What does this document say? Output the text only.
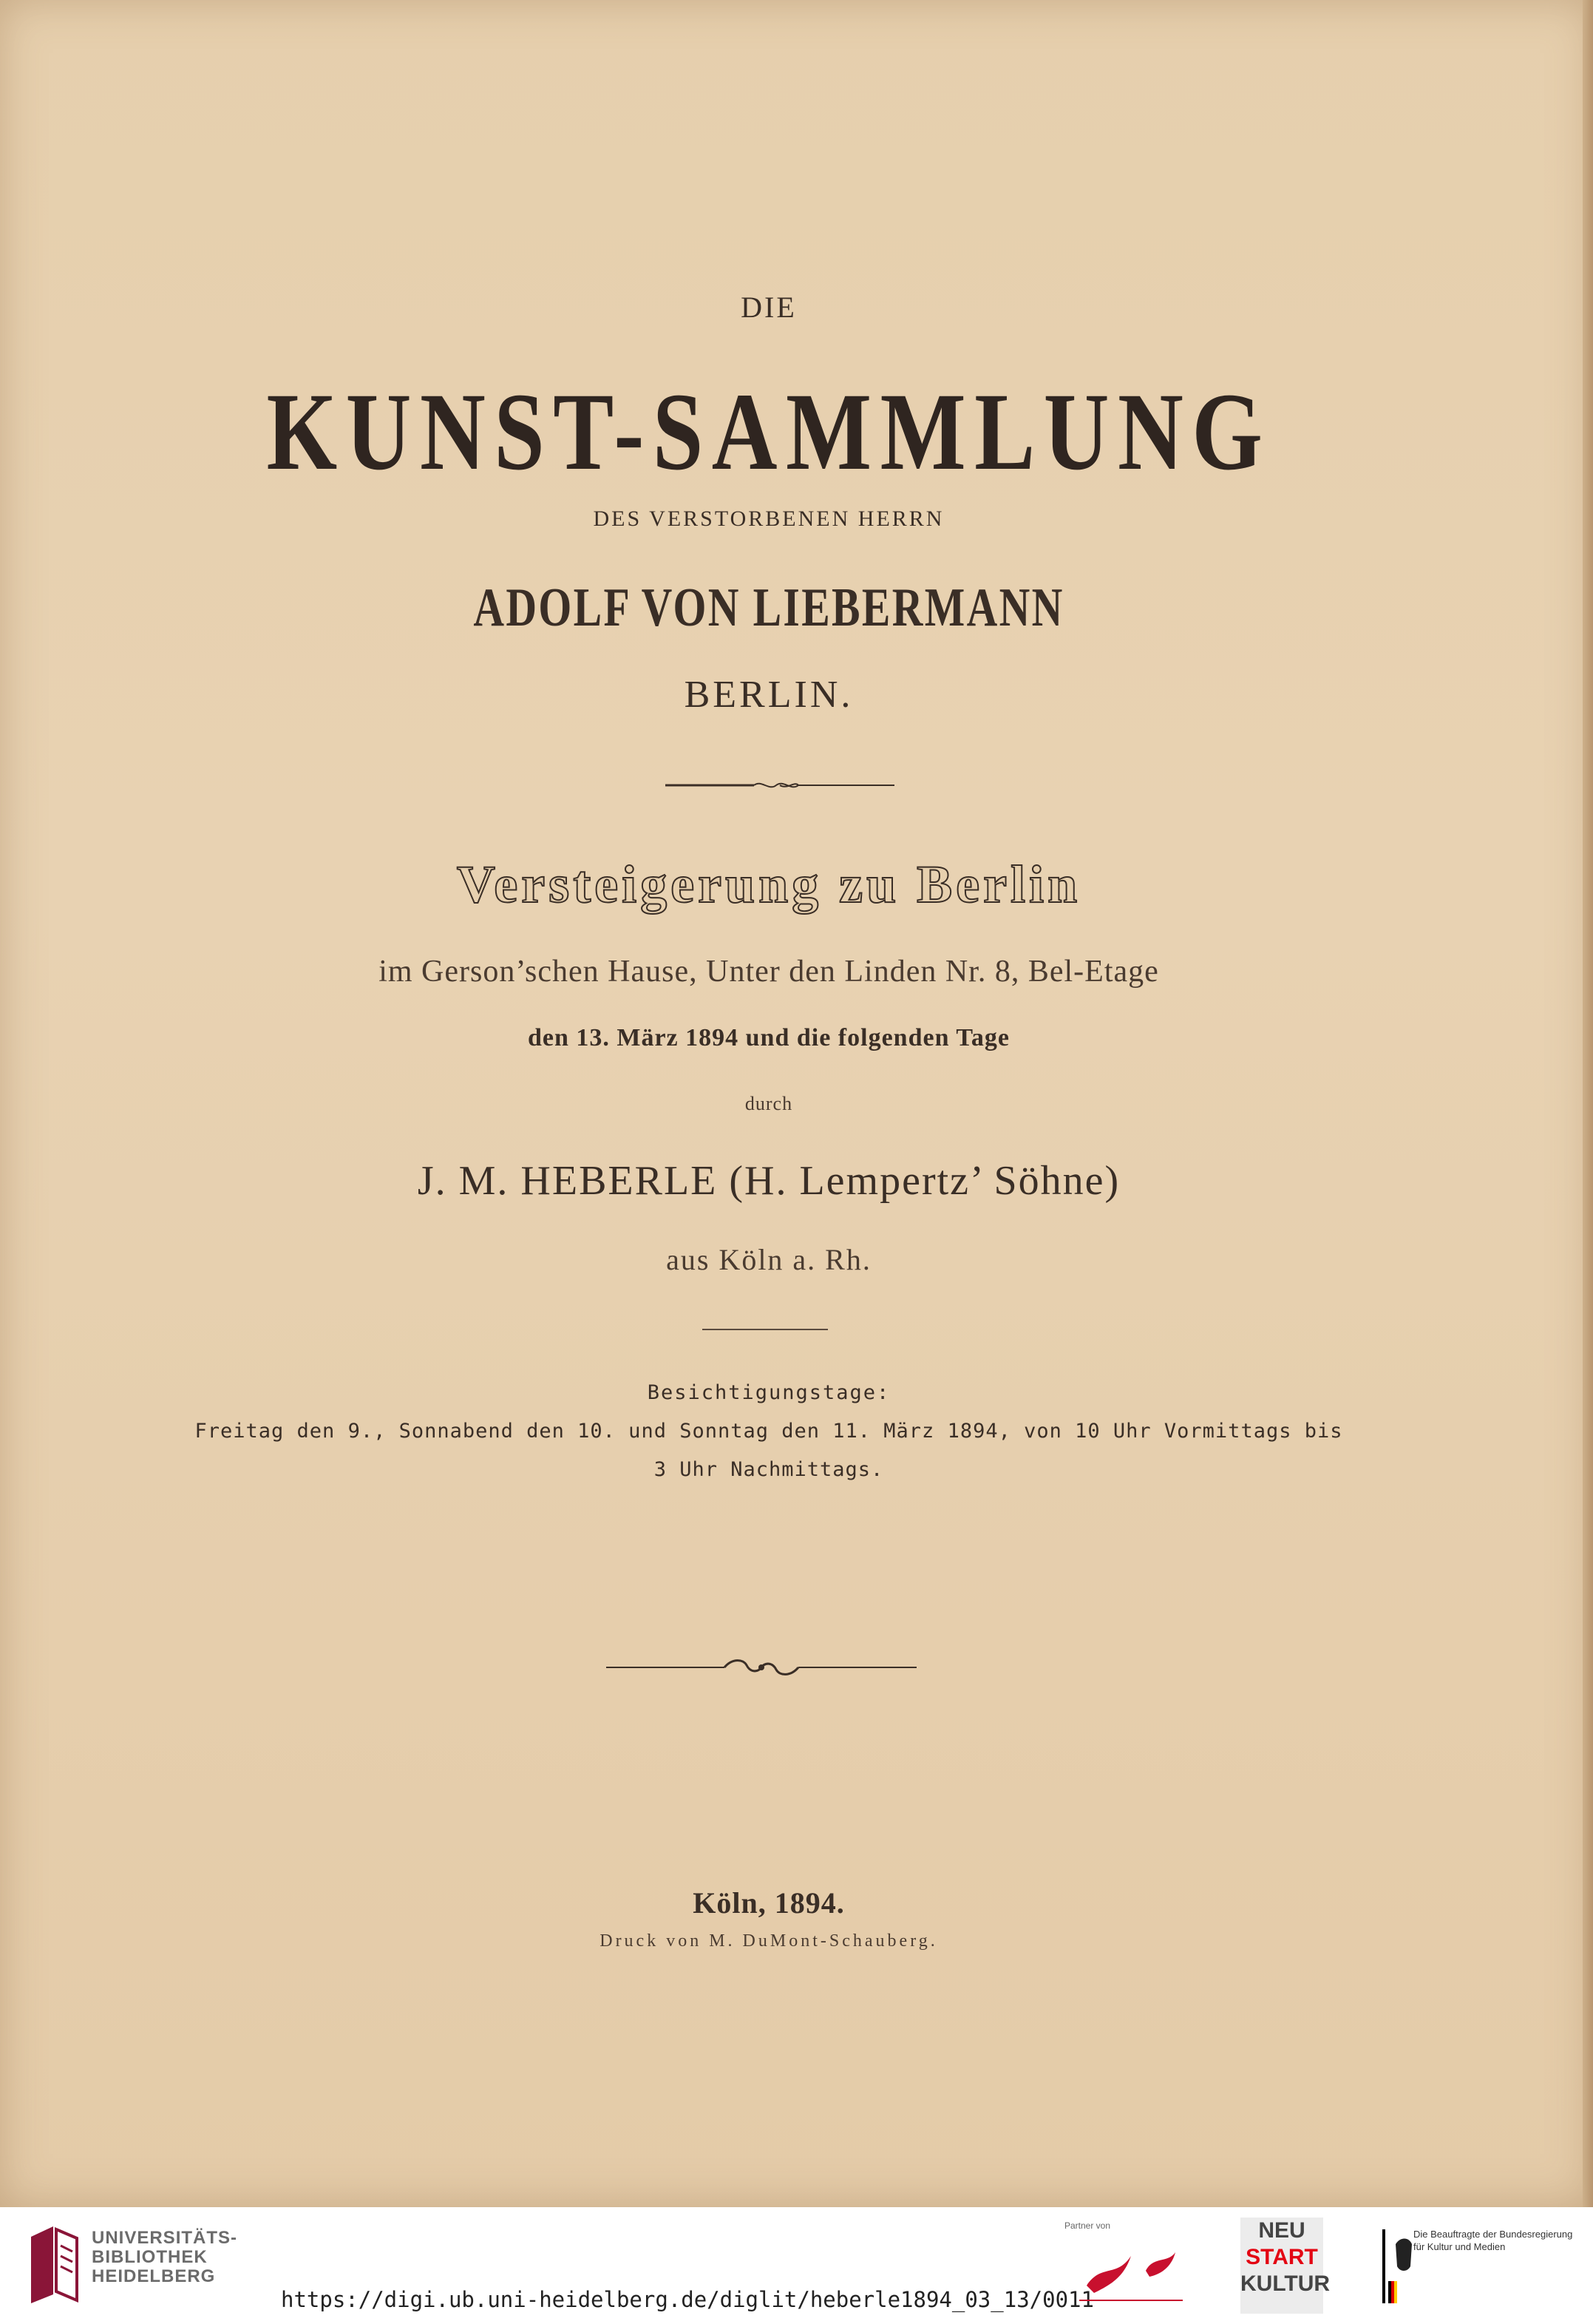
DIE
KUNST-SAMMLUNG
DES VERSTORBENEN HERRN
ADOLF VON LIEBERMANN
BERLIN.
Versteigerung zu Berlin
im Gerson’schen Hause, Unter den Linden Nr. 8, Bel-Etage
den 13. März 1894 und die folgenden Tage
durch
J. M. HEBERLE (H. Lempertz’ Söhne)
aus Köln a. Rh.
Besichtigungstage:
Freitag den 9., Sonnabend den 10. und Sonntag den 11. März 1894, von 10 Uhr Vormittags bis
3 Uhr Nachmittags.
Köln, 1894.
Druck von M. DuMont-Schauberg.
UNIVERSITÄTS-
BIBLIOTHEK
HEIDELBERG
https://digi.ub.uni-heidelberg.de/diglit/heberle1894_03_13/0011
Partner von	NEU
START
KULTUR
Die Beauftragte der Bundesregierung
für Kultur und Medien
